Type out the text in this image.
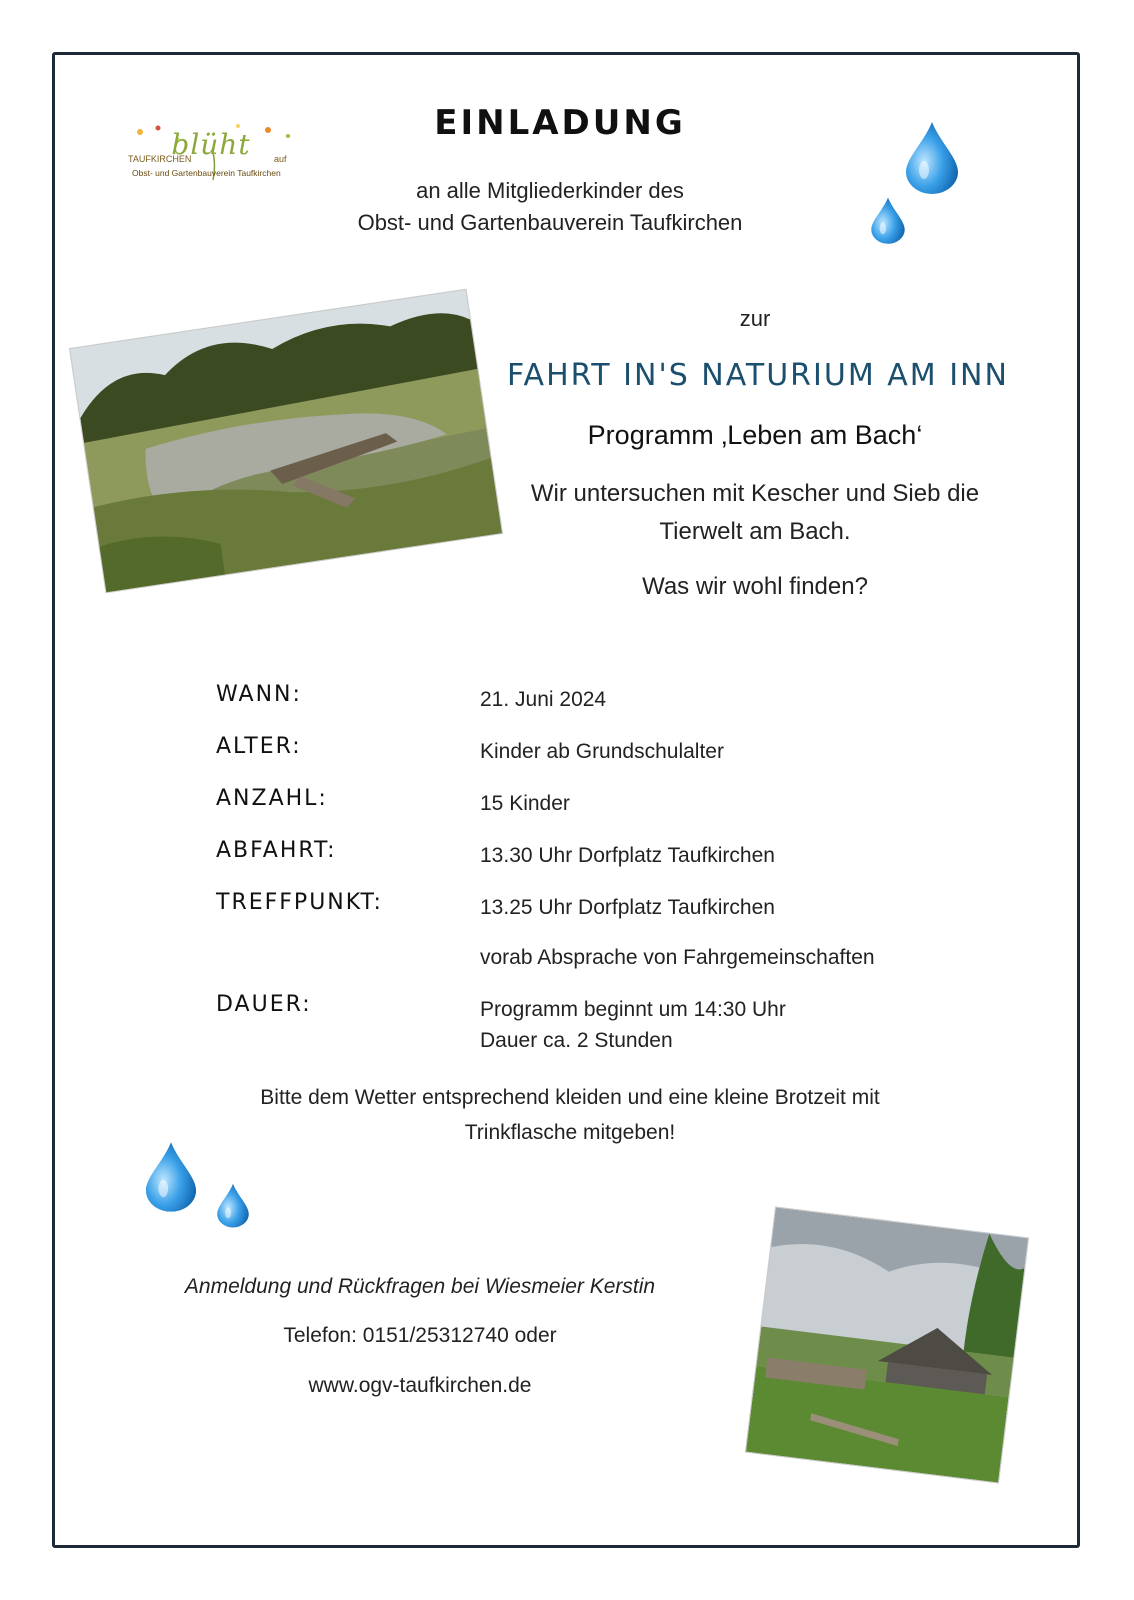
blüht
TAUFKIRCHEN	auf
Obst- und Gartenbauverein Taufkirchen
EINLADUNG
an alle Mitgliederkinder des
Obst- und Gartenbauverein Taufkirchen
zur
FAHRT IN'S NATURIUM AM INN
Programm ‚Leben am Bach‘
Wir untersuchen mit Kescher und Sieb die
Tierwelt am Bach.
Was wir wohl finden?
WANN:	21. Juni 2024
ALTER:	Kinder ab Grundschulalter
ANZAHL:	15 Kinder
ABFAHRT:	13.30 Uhr Dorfplatz Taufkirchen
TREFFPUNKT:	13.25 Uhr Dorfplatz Taufkirchen
vorab Absprache von Fahrgemeinschaften
DAUER:	Programm beginnt um 14:30 Uhr
Dauer ca. 2 Stunden
Bitte dem Wetter entsprechend kleiden und eine kleine Brotzeit mit
Trinkflasche mitgeben!
Anmeldung und Rückfragen bei Wiesmeier Kerstin
Telefon: 0151/25312740 oder
www.ogv-taufkirchen.de
